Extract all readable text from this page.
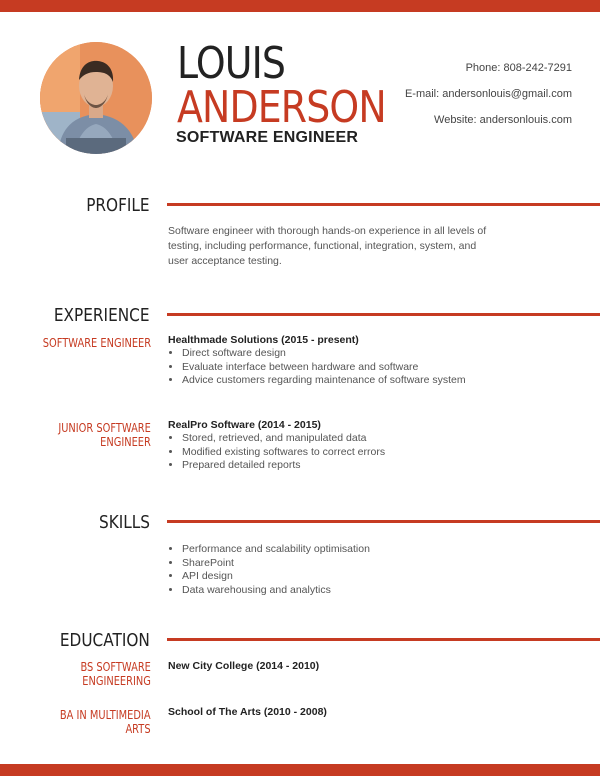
LOUIS
ANDERSON
SOFTWARE ENGINEER
Phone: 808-242-7291
E-mail: andersonlouis@gmail.com
Website: andersonlouis.com
PROFILE
Software engineer with thorough hands-on experience in all levels of testing, including performance, functional, integration, system, and user acceptance testing.
EXPERIENCE
SOFTWARE ENGINEER Healthmade Solutions (2015 - present)
• Direct software design
• Evaluate interface between hardware and software
• Advice customers regarding maintenance of software system
JUNIOR SOFTWARE
ENGINEER
RealPro Software (2014 - 2015)
• Stored, retrieved, and manipulated data
• Modified existing softwares to correct errors
• Prepared detailed reports
SKILLS
• Performance and scalability optimisation
• SharePoint
• API design
• Data warehousing and analytics
EDUCATION
BS SOFTWARE
ENGINEERING
New City College (2014 - 2010)
BA IN MULTIMEDIA
ARTS
School of The Arts (2010 - 2008)
